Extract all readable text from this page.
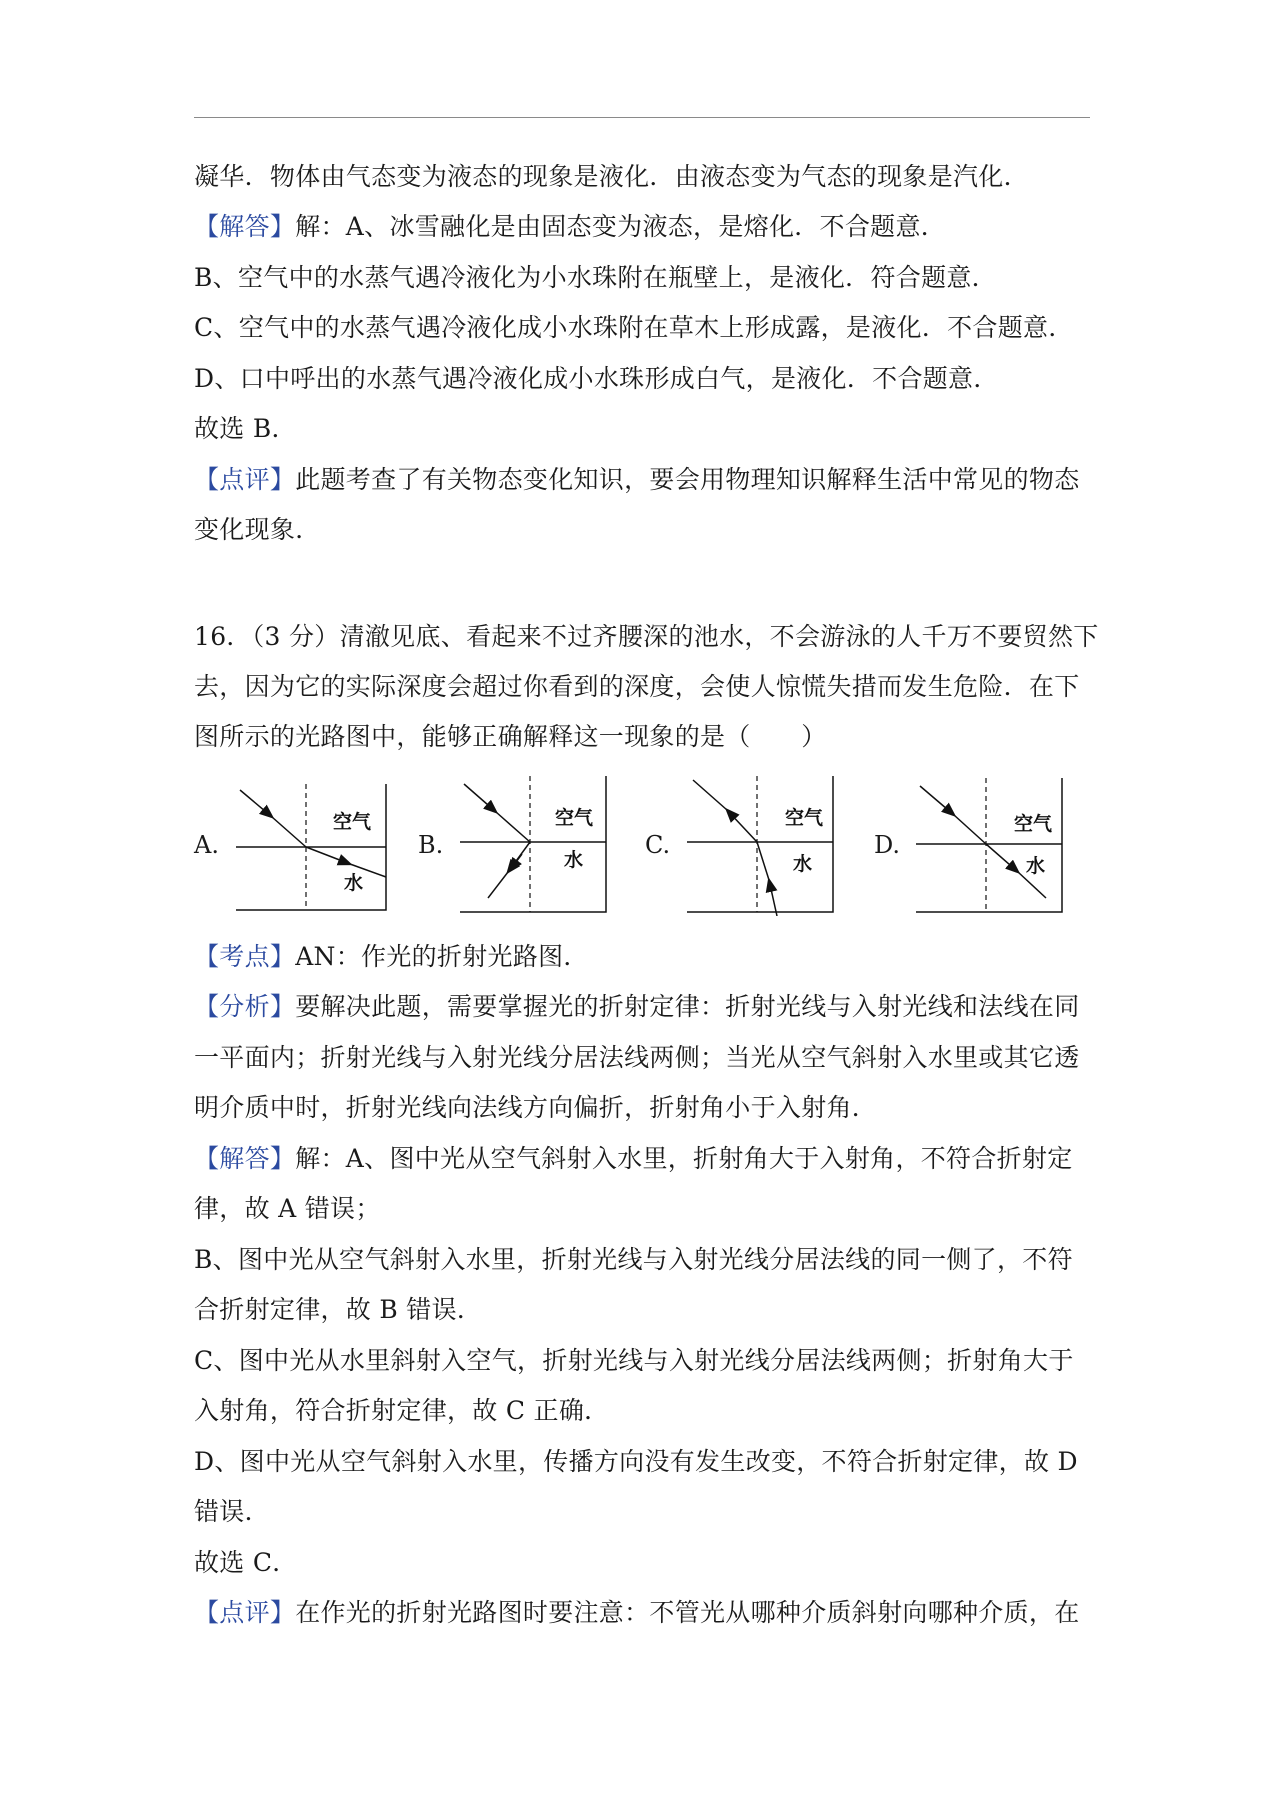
凝华．物体由气态变为液态的现象是液化．由液态变为气态的现象是汽化．
【解答】解：A、冰雪融化是由固态变为液态，是熔化．不合题意．
B、空气中的水蒸气遇冷液化为小水珠附在瓶壁上，是液化．符合题意．
C、空气中的水蒸气遇冷液化成小水珠附在草木上形成露，是液化．不合题意．
D、口中呼出的水蒸气遇冷液化成小水珠形成白气，是液化．不合题意．
故选 B．
【点评】此题考查了有关物态变化知识，要会用物理知识解释生活中常见的物态
变化现象．
16．（3 分）清澈见底、看起来不过齐腰深的池水，不会游泳的人千万不要贸然下
去，因为它的实际深度会超过你看到的深度，会使人惊慌失措而发生危险．在下
图所示的光路图中，能够正确解释这一现象的是（　　）
A.
空气
水
B.
空气
水
C.
空气
水
D.
空气
水
【考点】AN：作光的折射光路图．
【分析】要解决此题，需要掌握光的折射定律：折射光线与入射光线和法线在同
一平面内；折射光线与入射光线分居法线两侧；当光从空气斜射入水里或其它透
明介质中时，折射光线向法线方向偏折，折射角小于入射角．
【解答】解：A、图中光从空气斜射入水里，折射角大于入射角，不符合折射定
律，故 A 错误；
B、图中光从空气斜射入水里，折射光线与入射光线分居法线的同一侧了，不符
合折射定律，故 B 错误．
C、图中光从水里斜射入空气，折射光线与入射光线分居法线两侧；折射角大于
入射角，符合折射定律，故 C 正确．
D、图中光从空气斜射入水里，传播方向没有发生改变，不符合折射定律，故 D
错误．
故选 C．
【点评】在作光的折射光路图时要注意：不管光从哪种介质斜射向哪种介质，在
